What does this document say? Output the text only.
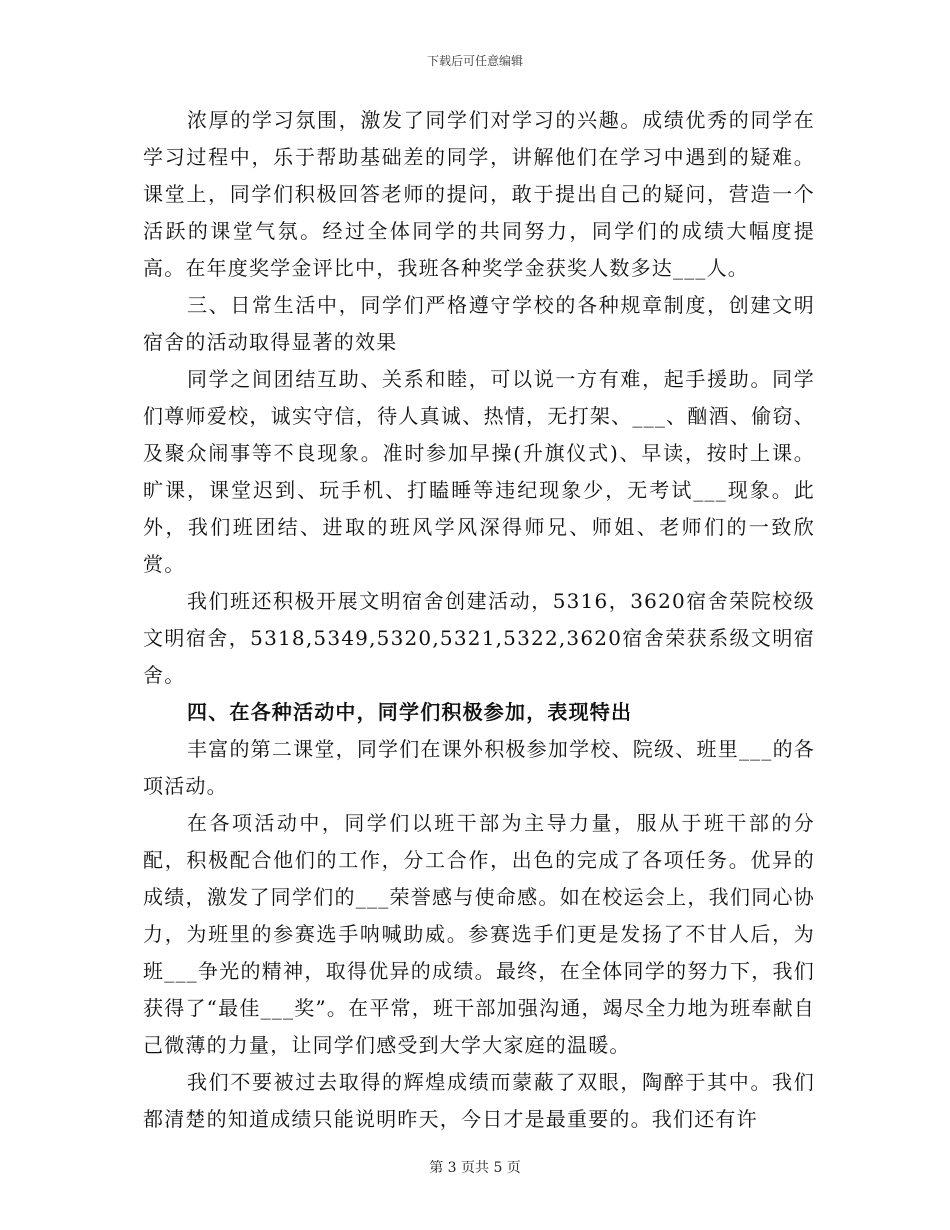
下载后可任意编辑

浓厚的学习氛围，激发了同学们对学习的兴趣。成绩优秀的同学在学习过程中，乐于帮助基础差的同学，讲解他们在学习中遇到的疑难。课堂上，同学们积极回答老师的提问，敢于提出自己的疑问，营造一个活跃的课堂气氛。经过全体同学的共同努力，同学们的成绩大幅度提高。在年度奖学金评比中，我班各种奖学金获奖人数多达___人。

三、日常生活中，同学们严格遵守学校的各种规章制度，创建文明宿舍的活动取得显著的效果

同学之间团结互助、关系和睦，可以说一方有难，起手援助。同学们尊师爱校，诚实守信，待人真诚、热情，无打架、___、酗酒、偷窃、及聚众闹事等不良现象。准时参加早操(升旗仪式)、早读，按时上课。旷课，课堂迟到、玩手机、打瞌睡等违纪现象少，无考试___现象。此外，我们班团结、进取的班风学风深得师兄、师姐、老师们的一致欣赏。

我们班还积极开展文明宿舍创建活动，5316，3620宿舍荣院校级文明宿舍，5318,5349,5320,5321,5322,3620宿舍荣获系级文明宿舍。

四、在各种活动中，同学们积极参加，表现特出

丰富的第二课堂，同学们在课外积极参加学校、院级、班里___的各项活动。

在各项活动中，同学们以班干部为主导力量，服从于班干部的分配，积极配合他们的工作，分工合作，出色的完成了各项任务。优异的成绩，激发了同学们的___荣誉感与使命感。如在校运会上，我们同心协力，为班里的参赛选手呐喊助威。参赛选手们更是发扬了不甘人后，为班___争光的精神，取得优异的成绩。最终，在全体同学的努力下，我们获得了“最佳___奖”。在平常，班干部加强沟通，竭尽全力地为班奉献自己微薄的力量，让同学们感受到大学大家庭的温暖。

我们不要被过去取得的辉煌成绩而蒙蔽了双眼，陶醉于其中。我们都清楚的知道成绩只能说明昨天，今日才是最重要的。我们还有许

第 3 页共 5 页
